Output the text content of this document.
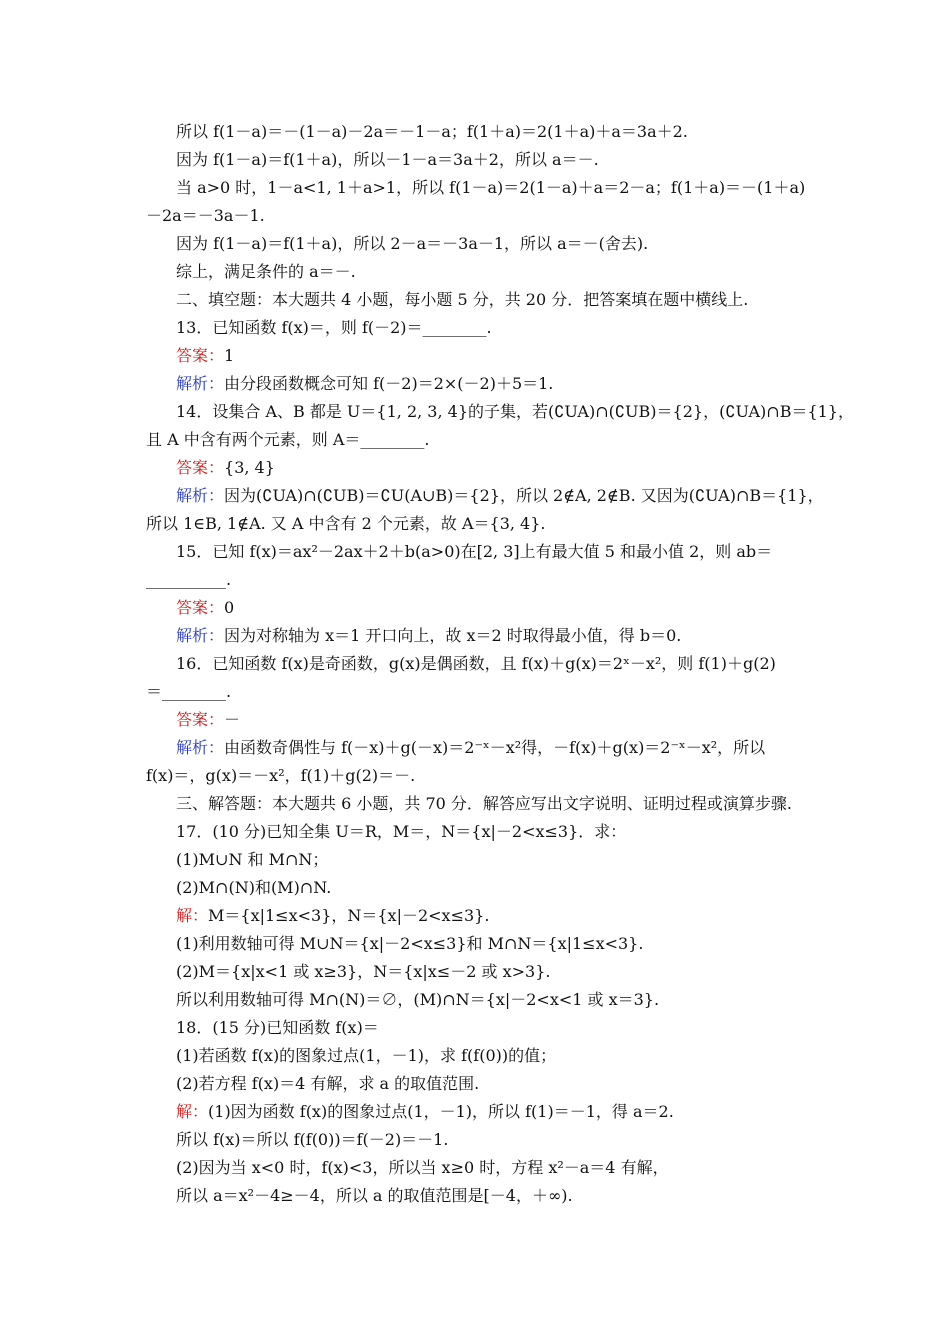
所以 f(1－a)＝－(1－a)－2a＝－1－a；f(1＋a)＝2(1＋a)＋a＝3a＋2.
因为 f(1－a)＝f(1＋a)，所以－1－a＝3a＋2，所以 a＝－.
当 a>0 时，1－a<1, 1＋a>1，所以 f(1－a)＝2(1－a)＋a＝2－a；f(1＋a)＝－(1＋a)
－2a＝－3a－1.
因为 f(1－a)＝f(1＋a)，所以 2－a＝－3a－1，所以 a＝－(舍去).
综上，满足条件的 a＝－.
二、填空题：本大题共 4 小题，每小题 5 分，共 20 分．把答案填在题中横线上.
13．已知函数 f(x)＝，则 f(－2)＝________.
答案：1
解析：由分段函数概念可知 f(－2)＝2×(－2)＋5＝1.
14．设集合 A、B 都是 U＝{1, 2, 3, 4}的子集，若(∁UA)∩(∁UB)＝{2}，(∁UA)∩B＝{1}，
且 A 中含有两个元素，则 A＝________.
答案：{3, 4}
解析：因为(∁UA)∩(∁UB)＝∁U(A∪B)＝{2}，所以 2∉A, 2∉B. 又因为(∁UA)∩B＝{1}，
所以 1∈B, 1∉A. 又 A 中含有 2 个元素，故 A＝{3, 4}.
15．已知 f(x)＝ax²－2ax＋2＋b(a>0)在[2, 3]上有最大值 5 和最小值 2，则 ab＝
__________.
答案：0
解析：因为对称轴为 x＝1 开口向上，故 x＝2 时取得最小值，得 b＝0.
16．已知函数 f(x)是奇函数，g(x)是偶函数，且 f(x)＋g(x)＝2ˣ－x²，则 f(1)＋g(2)
＝________.
答案：－
解析：由函数奇偶性与 f(－x)＋g(－x)＝2⁻ˣ－x²得，－f(x)＋g(x)＝2⁻ˣ－x²，所以
f(x)＝，g(x)＝－x²，f(1)＋g(2)＝－.
三、解答题：本大题共 6 小题，共 70 分．解答应写出文字说明、证明过程或演算步骤.
17．(10 分)已知全集 U＝R，M＝，N＝{x|－2<x≤3}．求：
(1)M∪N 和 M∩N；
(2)M∩(N)和(M)∩N.
解：M＝{x|1≤x<3}，N＝{x|－2<x≤3}.
(1)利用数轴可得 M∪N＝{x|－2<x≤3}和 M∩N＝{x|1≤x<3}.
(2)M＝{x|x<1 或 x≥3}，N＝{x|x≤－2 或 x>3}.
所以利用数轴可得 M∩(N)＝∅，(M)∩N＝{x|－2<x<1 或 x＝3}.
18．(15 分)已知函数 f(x)＝
(1)若函数 f(x)的图象过点(1，－1)，求 f(f(0))的值；
(2)若方程 f(x)＝4 有解，求 a 的取值范围.
解：(1)因为函数 f(x)的图象过点(1，－1)，所以 f(1)＝－1，得 a＝2.
所以 f(x)＝所以 f(f(0))＝f(－2)＝－1.
(2)因为当 x<0 时，f(x)<3，所以当 x≥0 时，方程 x²－a＝4 有解，
所以 a＝x²－4≥－4，所以 a 的取值范围是[－4，＋∞).
